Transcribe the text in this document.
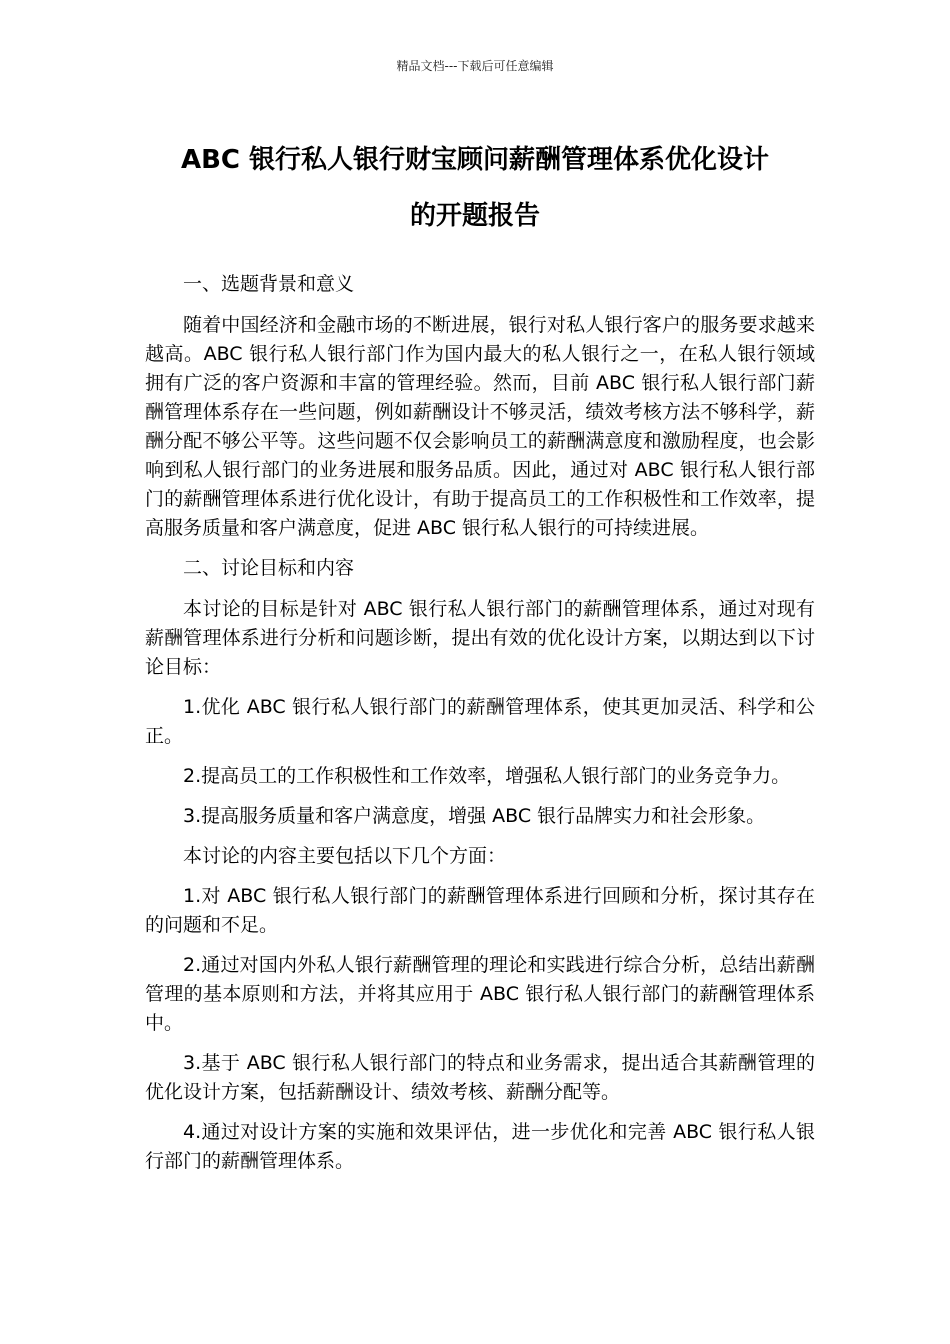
精品文档---下载后可任意编辑
ABC 银行私人银行财宝顾问薪酬管理体系优化设计
的开题报告

一、选题背景和意义

随着中国经济和金融市场的不断进展，银行对私人银行客户的服务要求越来越高。ABC 银行私人银行部门作为国内最大的私人银行之一，在私人银行领域拥有广泛的客户资源和丰富的管理经验。然而，目前 ABC 银行私人银行部门薪酬管理体系存在一些问题，例如薪酬设计不够灵活，绩效考核方法不够科学，薪酬分配不够公平等。这些问题不仅会影响员工的薪酬满意度和激励程度，也会影响到私人银行部门的业务进展和服务品质。因此，通过对 ABC 银行私人银行部门的薪酬管理体系进行优化设计，有助于提高员工的工作积极性和工作效率，提高服务质量和客户满意度，促进 ABC 银行私人银行的可持续进展。

二、讨论目标和内容

本讨论的目标是针对 ABC 银行私人银行部门的薪酬管理体系，通过对现有薪酬管理体系进行分析和问题诊断，提出有效的优化设计方案，以期达到以下讨论目标：

1.优化 ABC 银行私人银行部门的薪酬管理体系，使其更加灵活、科学和公正。

2.提高员工的工作积极性和工作效率，增强私人银行部门的业务竞争力。

3.提高服务质量和客户满意度，增强 ABC 银行品牌实力和社会形象。

本讨论的内容主要包括以下几个方面：

1.对 ABC 银行私人银行部门的薪酬管理体系进行回顾和分析，探讨其存在的问题和不足。

2.通过对国内外私人银行薪酬管理的理论和实践进行综合分析，总结出薪酬管理的基本原则和方法，并将其应用于 ABC 银行私人银行部门的薪酬管理体系中。

3.基于 ABC 银行私人银行部门的特点和业务需求，提出适合其薪酬管理的优化设计方案，包括薪酬设计、绩效考核、薪酬分配等。

4.通过对设计方案的实施和效果评估，进一步优化和完善 ABC 银行私人银行部门的薪酬管理体系。
